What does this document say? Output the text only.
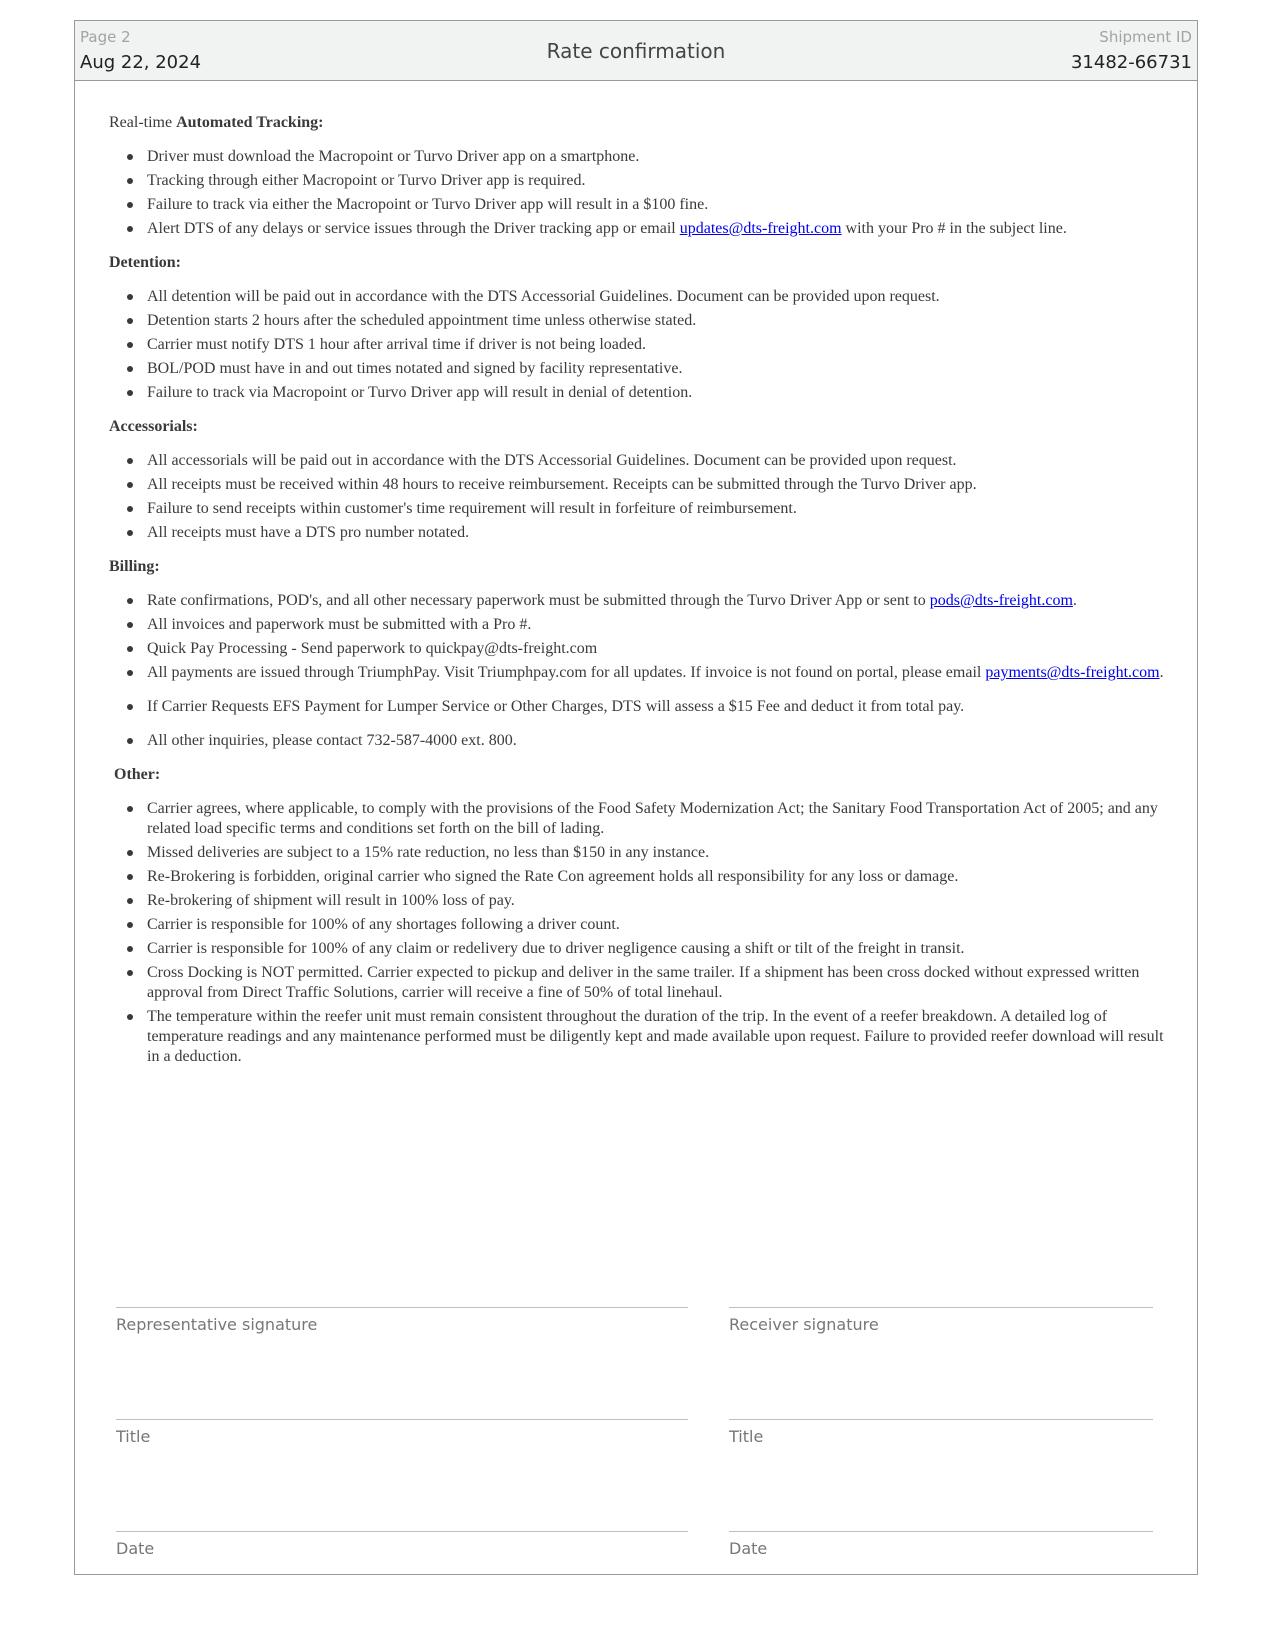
Page 2
Aug 22, 2024	Rate confirmation
Shipment ID
31482-66731
Real-time Automated Tracking:
Driver must download the Macropoint or Turvo Driver app on a smartphone.
Tracking through either Macropoint or Turvo Driver app is required.
Failure to track via either the Macropoint or Turvo Driver app will result in a $100 fine.
Alert DTS of any delays or service issues through the Driver tracking app or email updates@dts-freight.com with your Pro # in the subject line.
Detention:
All detention will be paid out in accordance with the DTS Accessorial Guidelines. Document can be provided upon request.
Detention starts 2 hours after the scheduled appointment time unless otherwise stated.
Carrier must notify DTS 1 hour after arrival time if driver is not being loaded.
BOL/POD must have in and out times notated and signed by facility representative.
Failure to track via Macropoint or Turvo Driver app will result in denial of detention.
Accessorials:
All accessorials will be paid out in accordance with the DTS Accessorial Guidelines. Document can be provided upon request.
All receipts must be received within 48 hours to receive reimbursement. Receipts can be submitted through the Turvo Driver app.
Failure to send receipts within customer's time requirement will result in forfeiture of reimbursement.
All receipts must have a DTS pro number notated.
Billing:
Rate confirmations, POD's, and all other necessary paperwork must be submitted through the Turvo Driver App or sent to pods@dts-freight.com.
All invoices and paperwork must be submitted with a Pro #.
Quick Pay Processing - Send paperwork to quickpay@dts-freight.com
All payments are issued through TriumphPay. Visit Triumphpay.com for all updates. If invoice is not found on portal, please email payments@dts-freight.com.
If Carrier Requests EFS Payment for Lumper Service or Other Charges, DTS will assess a $15 Fee and deduct it from total pay.
All other inquiries, please contact 732-587-4000 ext. 800.
Other:
Carrier agrees, where applicable, to comply with the provisions of the Food Safety Modernization Act; the Sanitary Food Transportation Act of 2005; and any related load specific terms and conditions set forth on the bill of lading.
Missed deliveries are subject to a 15% rate reduction, no less than $150 in any instance.
Re-Brokering is forbidden, original carrier who signed the Rate Con agreement holds all responsibility for any loss or damage.
Re-brokering of shipment will result in 100% loss of pay.
Carrier is responsible for 100% of any shortages following a driver count.
Carrier is responsible for 100% of any claim or redelivery due to driver negligence causing a shift or tilt of the freight in transit.
Cross Docking is NOT permitted. Carrier expected to pickup and deliver in the same trailer. If a shipment has been cross docked without expressed written approval from Direct Traffic Solutions, carrier will receive a fine of 50% of total linehaul.
The temperature within the reefer unit must remain consistent throughout the duration of the trip. In the event of a reefer breakdown. A detailed log of temperature readings and any maintenance performed must be diligently kept and made available upon request. Failure to provided reefer download will result in a deduction.
Representative signature	Receiver signature
Title	Title
Date	Date
